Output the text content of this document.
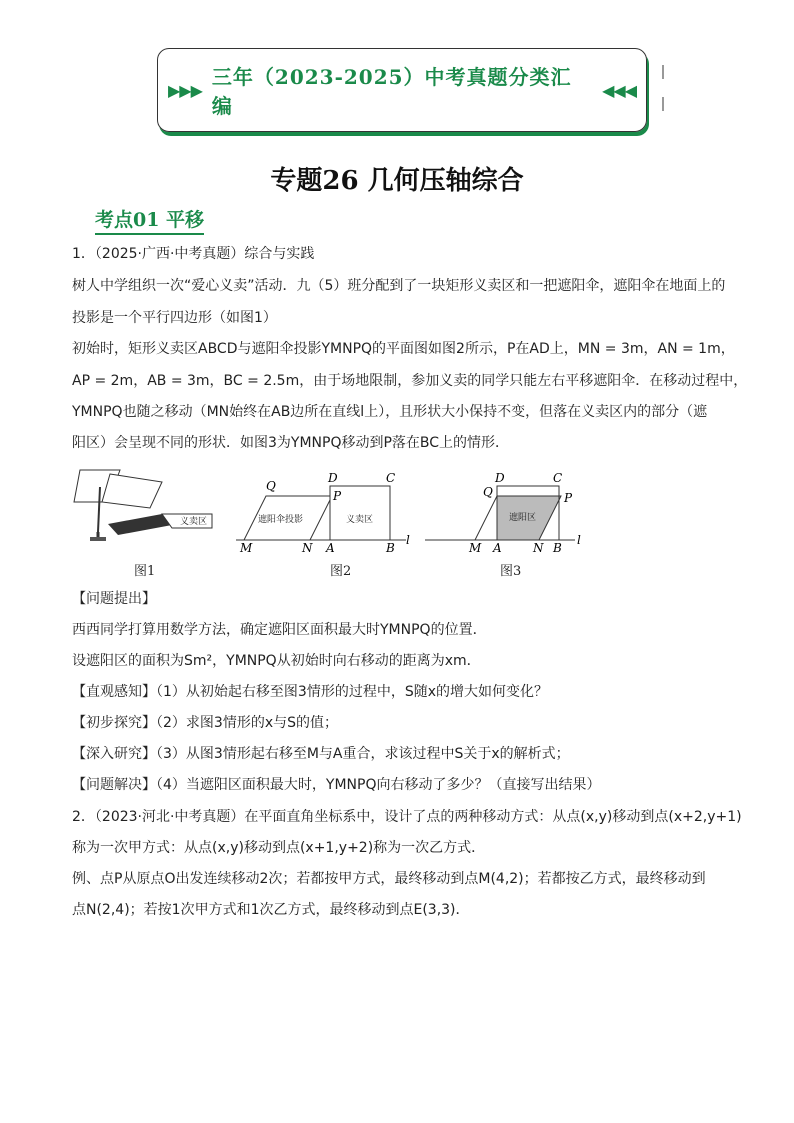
▶▶▶
三年（2023-2025）中考真题分类汇编
◀◀◀
专题26 几何压轴综合
考点01 平移
1．（2025·广西·中考真题）综合与实践
树人中学组织一次“爱心义卖”活动．九（5）班分配到了一块矩形义卖区和一把遮阳伞，遮阳伞在地面上的
投影是一个平行四边形（如图1）
初始时，矩形义卖区ABCD与遮阳伞投影YMNPQ的平面图如图2所示，P在AD上，MN = 3m，AN = 1m，
AP = 2m，AB = 3m，BC = 2.5m，由于场地限制，参加义卖的同学只能左右平移遮阳伞．在移动过程中，
YMNPQ也随之移动（MN始终在AB边所在直线l上），且形状大小保持不变，但落在义卖区内的部分（遮
阳区）会呈现不同的形状．如图3为YMNPQ移动到P落在BC上的情形．
义卖区
图1
遮阳伞投影	义卖区
Q
D	C
P
M	N A	B
l
图2
遮阳区
Q
D	C
P
M A	N B
l
图3
【问题提出】
西西同学打算用数学方法，确定遮阳区面积最大时YMNPQ的位置．
设遮阳区的面积为Sm²，YMNPQ从初始时向右移动的距离为xm．
【直观感知】（1）从初始起右移至图3情形的过程中，S随x的增大如何变化？
【初步探究】（2）求图3情形的x与S的值；
【深入研究】（3）从图3情形起右移至M与A重合，求该过程中S关于x的解析式；
【问题解决】（4）当遮阳区面积最大时，YMNPQ向右移动了多少？（直接写出结果）
2．（2023·河北·中考真题）在平面直角坐标系中，设计了点的两种移动方式：从点(x,y)移动到点(x+2,y+1)
称为一次甲方式：从点(x,y)移动到点(x+1,y+2)称为一次乙方式．
例、点P从原点O出发连续移动2次；若都按甲方式，最终移动到点M(4,2)；若都按乙方式，最终移动到
点N(2,4)；若按1次甲方式和1次乙方式，最终移动到点E(3,3)．
